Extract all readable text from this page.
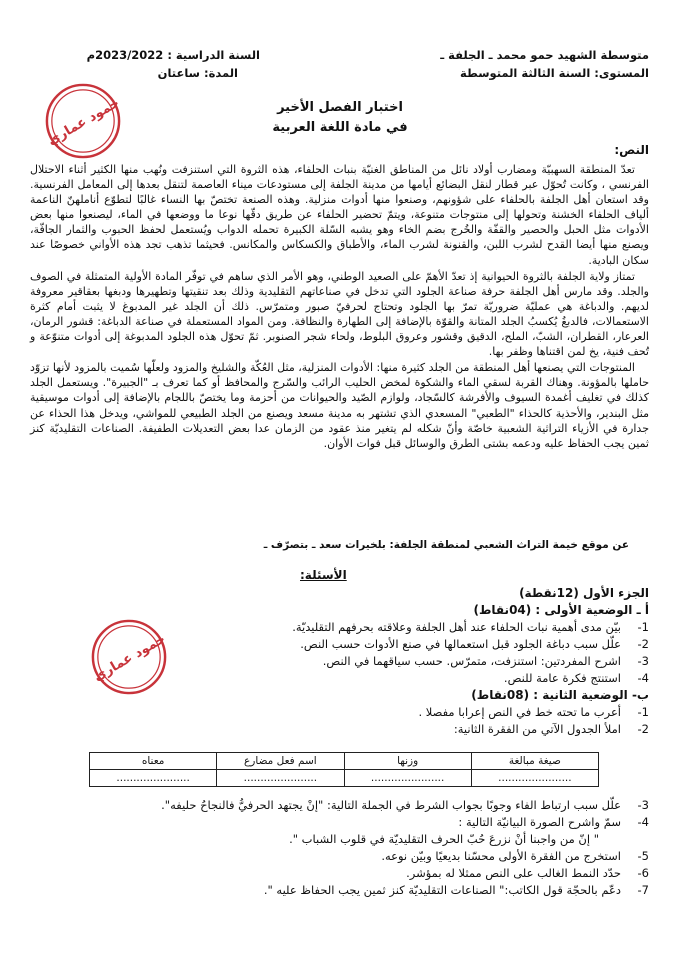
متوسطة الشهيد حمو محمد ـ الجلفة ـ
المستوى: السنة الثالثة المتوسطة
السنة الدراسية : 2023/2022م
المدة: ساعتان
اختبار الفصل الأخير
في مادة اللغة العربية
حمود عماري
النص:

تعدّ المنطقة السهبيّة ومضارب أولاد نائل من المناطق الغنيّة بنبات الحلفاء، هذه الثروة التي استنزفت ونُهب منها الكثير أثناء الاحتلال الفرنسي ، وكانت تُحوّل عبر قطار لنقل البضائع أيامها من مدينة الجلفة إلى مستودعات ميناء العاصمة لتنقل بعدها إلى المعامل الفرنسية. وقد استعان أهل الجلفة بالحلفاء على شؤونهم، وصنعوا منها أدوات منزلية. وهذه الصنعة تختصّ بها النساء غالبًا لتطوّع أناملهنّ الناعمة ألياف الحلفاء الخشنة وتحولها إلى منتوجات متنوعة، ويتمّ تحضير الحلفاء عن طريق دقّها نوعا ما ووضعها في الماء، ليصنعوا منها بعض الأدوات مثل الحبل والحصير والقفّة والخُرج بضم الخاء وهو يشبه السّلة الكبيرة تحمله الدواب ويُستعمل لحفظ الحبوب والثمار الجافّة، ويصنع منها أيضا القدح لشرب اللبن، والقنونة لشرب الماء، والأطباق والكسكاس والمكانس. فحيثما تذهب تجد هذه الأواني خصوصًا عند سكان البادية.

تمتاز ولاية الجلفة بالثروة الحيوانية إذ تعدّ الأهمّ على الصعيد الوطني، وهو الأمر الذي ساهم في توفّر المادة الأولية المتمثلة في الصوف والجلد. وقد مارس أهل الجلفة حرفة صناعة الجلود التي تدخل في صناعاتهم التقليدية وذلك بعد تنقيتها وتطهيرها ودبغها بعقاقير معروفة لديهم. والدباغة هي عمليّة ضروريّة تمرّ بها الجلود وتحتاج لحرفيّ صبور ومتمرّس. ذلك أن الجلد غير المدبوغ لا يثبت أمام كثرة الاستعمالات، فالدبغُ يُكسبُ الجلد المتانة والقوّة بالإضافة إلى الطهارة والنظافة. ومن المواد المستعملة في صناعة الدباغة: قشور الرمان، العرعار، القطران، الشبّ، الملح، الدقيق وقشور وعروق البلوط، ولحاء شجر الصنوبر. ثمّ تحوّل هذه الجلود المدبوغة إلى أدوات متنوّعة و تُحف فنية، يخ لمن اقتناها وظفر بها.

المنتوجات التي يصنعها أهل المنطقة من الجلد كثيرة منها: الأدوات المنزلية، مثل العُكّة والشليخ والمزود ولعلّها سُميت بالمزود لأنها تزوّد حاملها بالمؤونة. وهناك القربة لسقي الماء والشكوة لمخض الحليب الرائب والسّرج والمحافظ أو كما تعرف بـ "الجبيرة". ويستعمل الجلد كذلك في تغليف أغمدة السيوف والأفرشة كالسّجاد، ولوازم الصّيد والحيوانات من أحزمة وما يختصّ باللجام بالإضافة إلى أدوات موسيقية مثل البندير، والأحذية كالحذاء "الطعبي" المسعدي الذي تشتهر به مدينة مسعد ويصنع من الجلد الطبيعي للمواشي، ويدخل هذا الحذاء عن جدارة في الأزياء التراثية الشعبية خاصّة وأنّ شكله لم يتغير منذ عقود من الزمان عدا بعض التعديلات الطفيفة. الصناعات التقليديّة كنز ثمين يجب الحفاظ عليه ودعمه بشتى الطرق والوسائل قبل فوات الأوان.

عن موقع خيمة التراث الشعبي لمنطقة الجلفة: بلخيرات سعد ـ بتصرّف ـ
الأسئلة:
الجزء الأول (12نقطة)
أ ـ الوضعية الأولى : (04نقاط)
1-
بيّن مدى أهمية نبات الحلفاء عند أهل الجلفة وعلاقته بحرفهم التقليديّة.
2-
علّل سبب دباغة الجلود قبل استعمالها في صنع الأدوات حسب النص.
3-
اشرح المفردتين: استنزفت، متمرّس. حسب سياقهما في النص.
4-
استنتج فكرة عامة للنص.
ب- الوضعية الثانية : (08نقاط)
1-
أعرب ما تحته خط في النص إعرابا مفصلا .
2-
املأ الجدول الآتي من الفقرة الثانية:
حمود عماري
صيغة مبالغة	وزنها	اسم فعل مضارع	معناه
......................	......................	......................	......................
3-
علّل سبب ارتباط الفاء وجوبًا بجواب الشرط في الجملة التالية: "إنْ يجتهد الحرفيُّ فالنجاحُ حليفه".
4-
سمّ واشرح الصورة البيانيّة التالية :
" إنّ من واجبنا أنْ نزرعَ حُبّ الحرف التقليديّة في قلوب الشباب ".
5-
استخرج من الفقرة الأولى محسّنا بديعيًا وبيّن نوعه.
6-
حدّد النمط الغالب على النص ممثلا له بمؤشر.
7-
دعّم بالحجّة قول الكاتب:" الصناعات التقليديّة كنز ثمين يجب الحفاظ عليه ".
